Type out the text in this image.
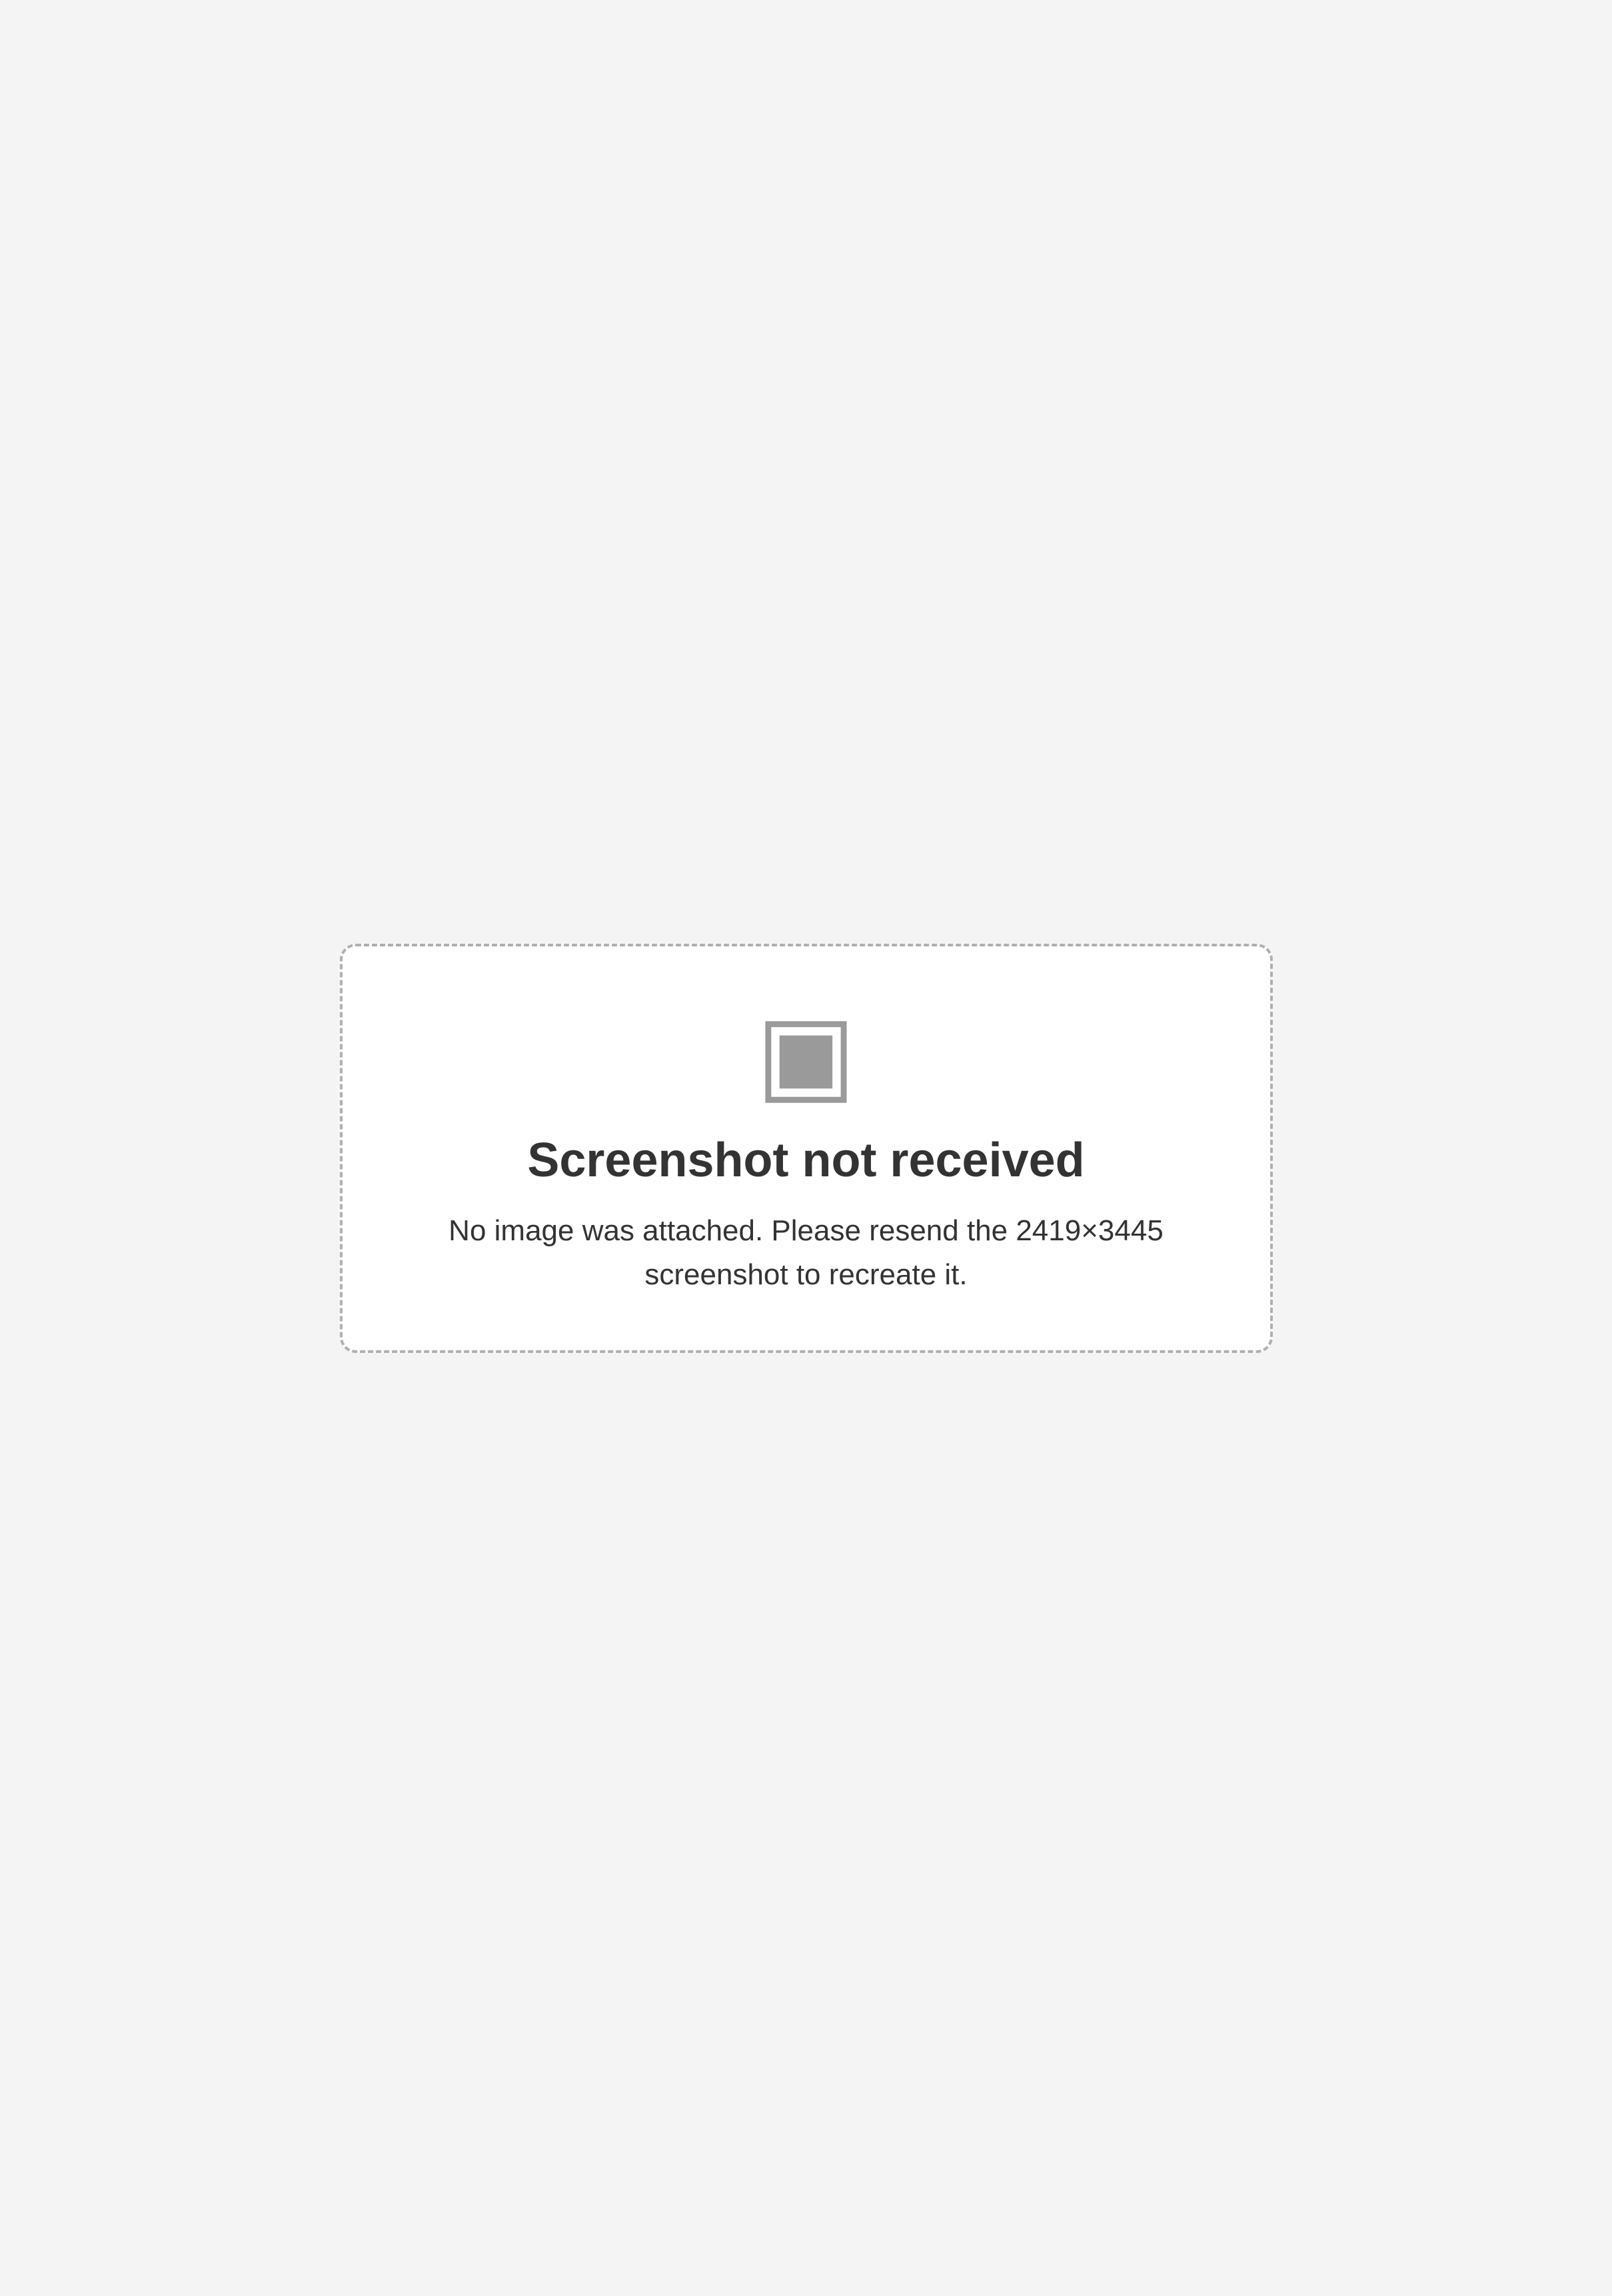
▣

Screenshot not received

No image was attached. Please resend the 2419×3445 screenshot to recreate it.
